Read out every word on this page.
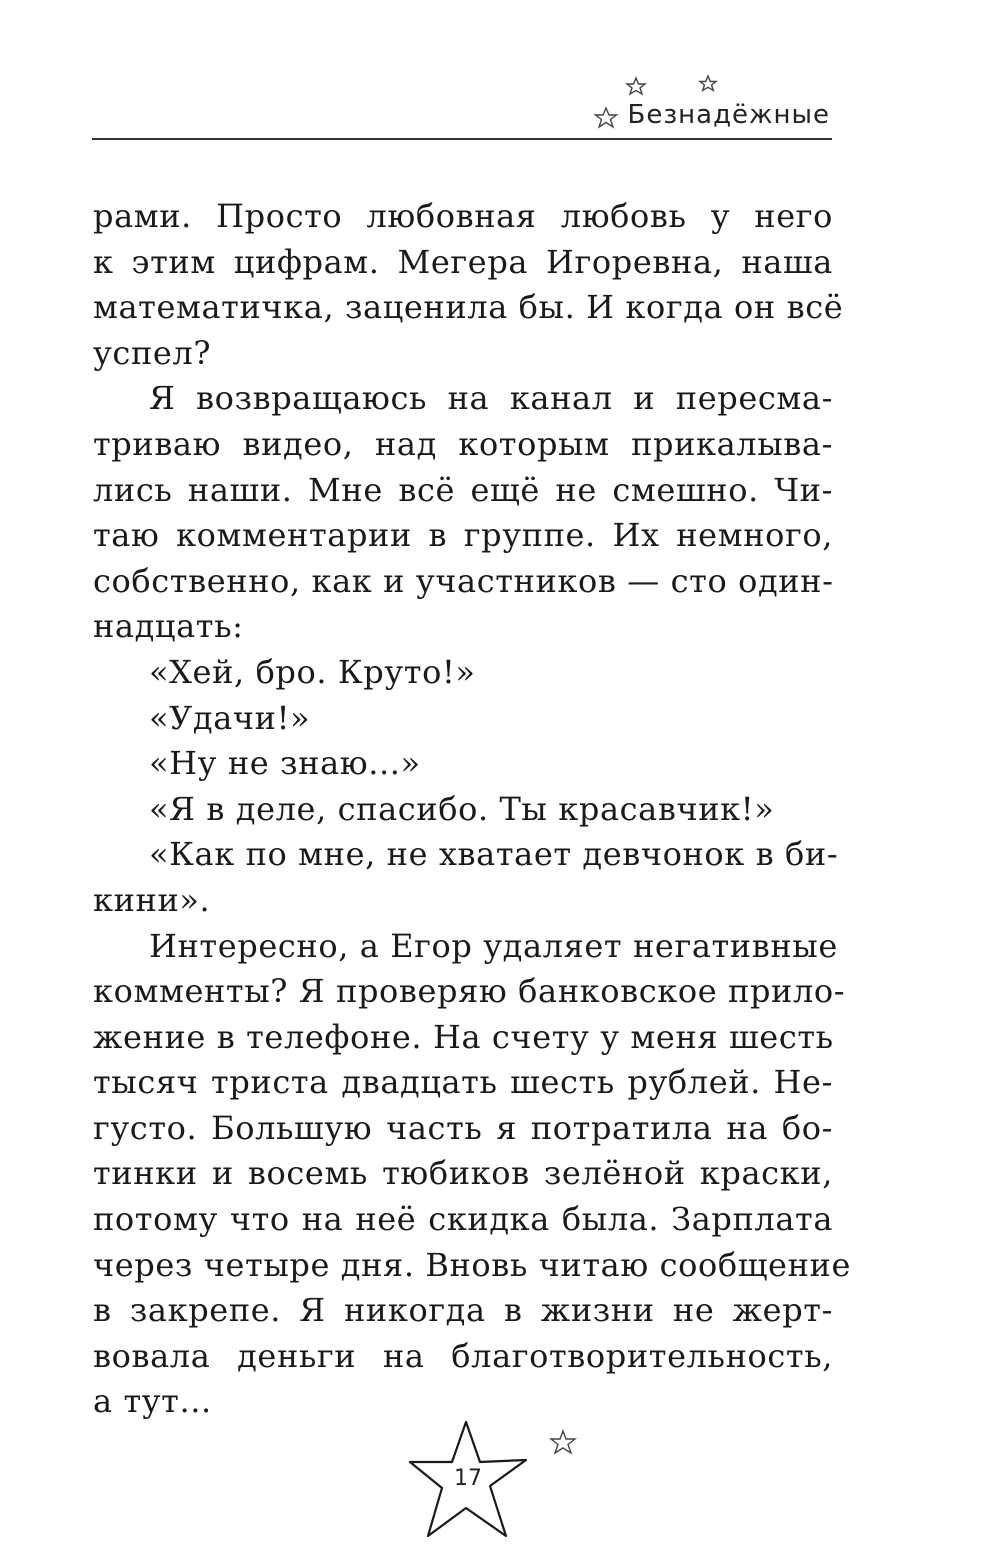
Безнадёжные
рами. Просто любовная любовь у него
к этим цифрам. Мегера Игоревна, наша
математичка, заценила бы. И когда он всё
успел?
Я возвращаюсь на канал и пересма-
триваю видео, над которым прикалыва-
лись наши. Мне всё ещё не смешно. Чи-
таю комментарии в группе. Их немного,
собственно, как и участников — сто один-
надцать:
«Хей, бро. Круто!»
«Удачи!»
«Ну не знаю...»
«Я в деле, спасибо. Ты красавчик!»
«Как по мне, не хватает девчонок в би-
кини».
Интересно, а Егор удаляет негативные
комменты? Я проверяю банковское прило-
жение в телефоне. На счету у меня шесть
тысяч триста двадцать шесть рублей. Не-
густо. Большую часть я потратила на бо-
тинки и восемь тюбиков зелёной краски,
потому что на неё скидка была. Зарплата
через четыре дня. Вновь читаю сообщение
в закрепе. Я никогда в жизни не жерт-
вовала деньги на благотворительность,
а тут...
17
